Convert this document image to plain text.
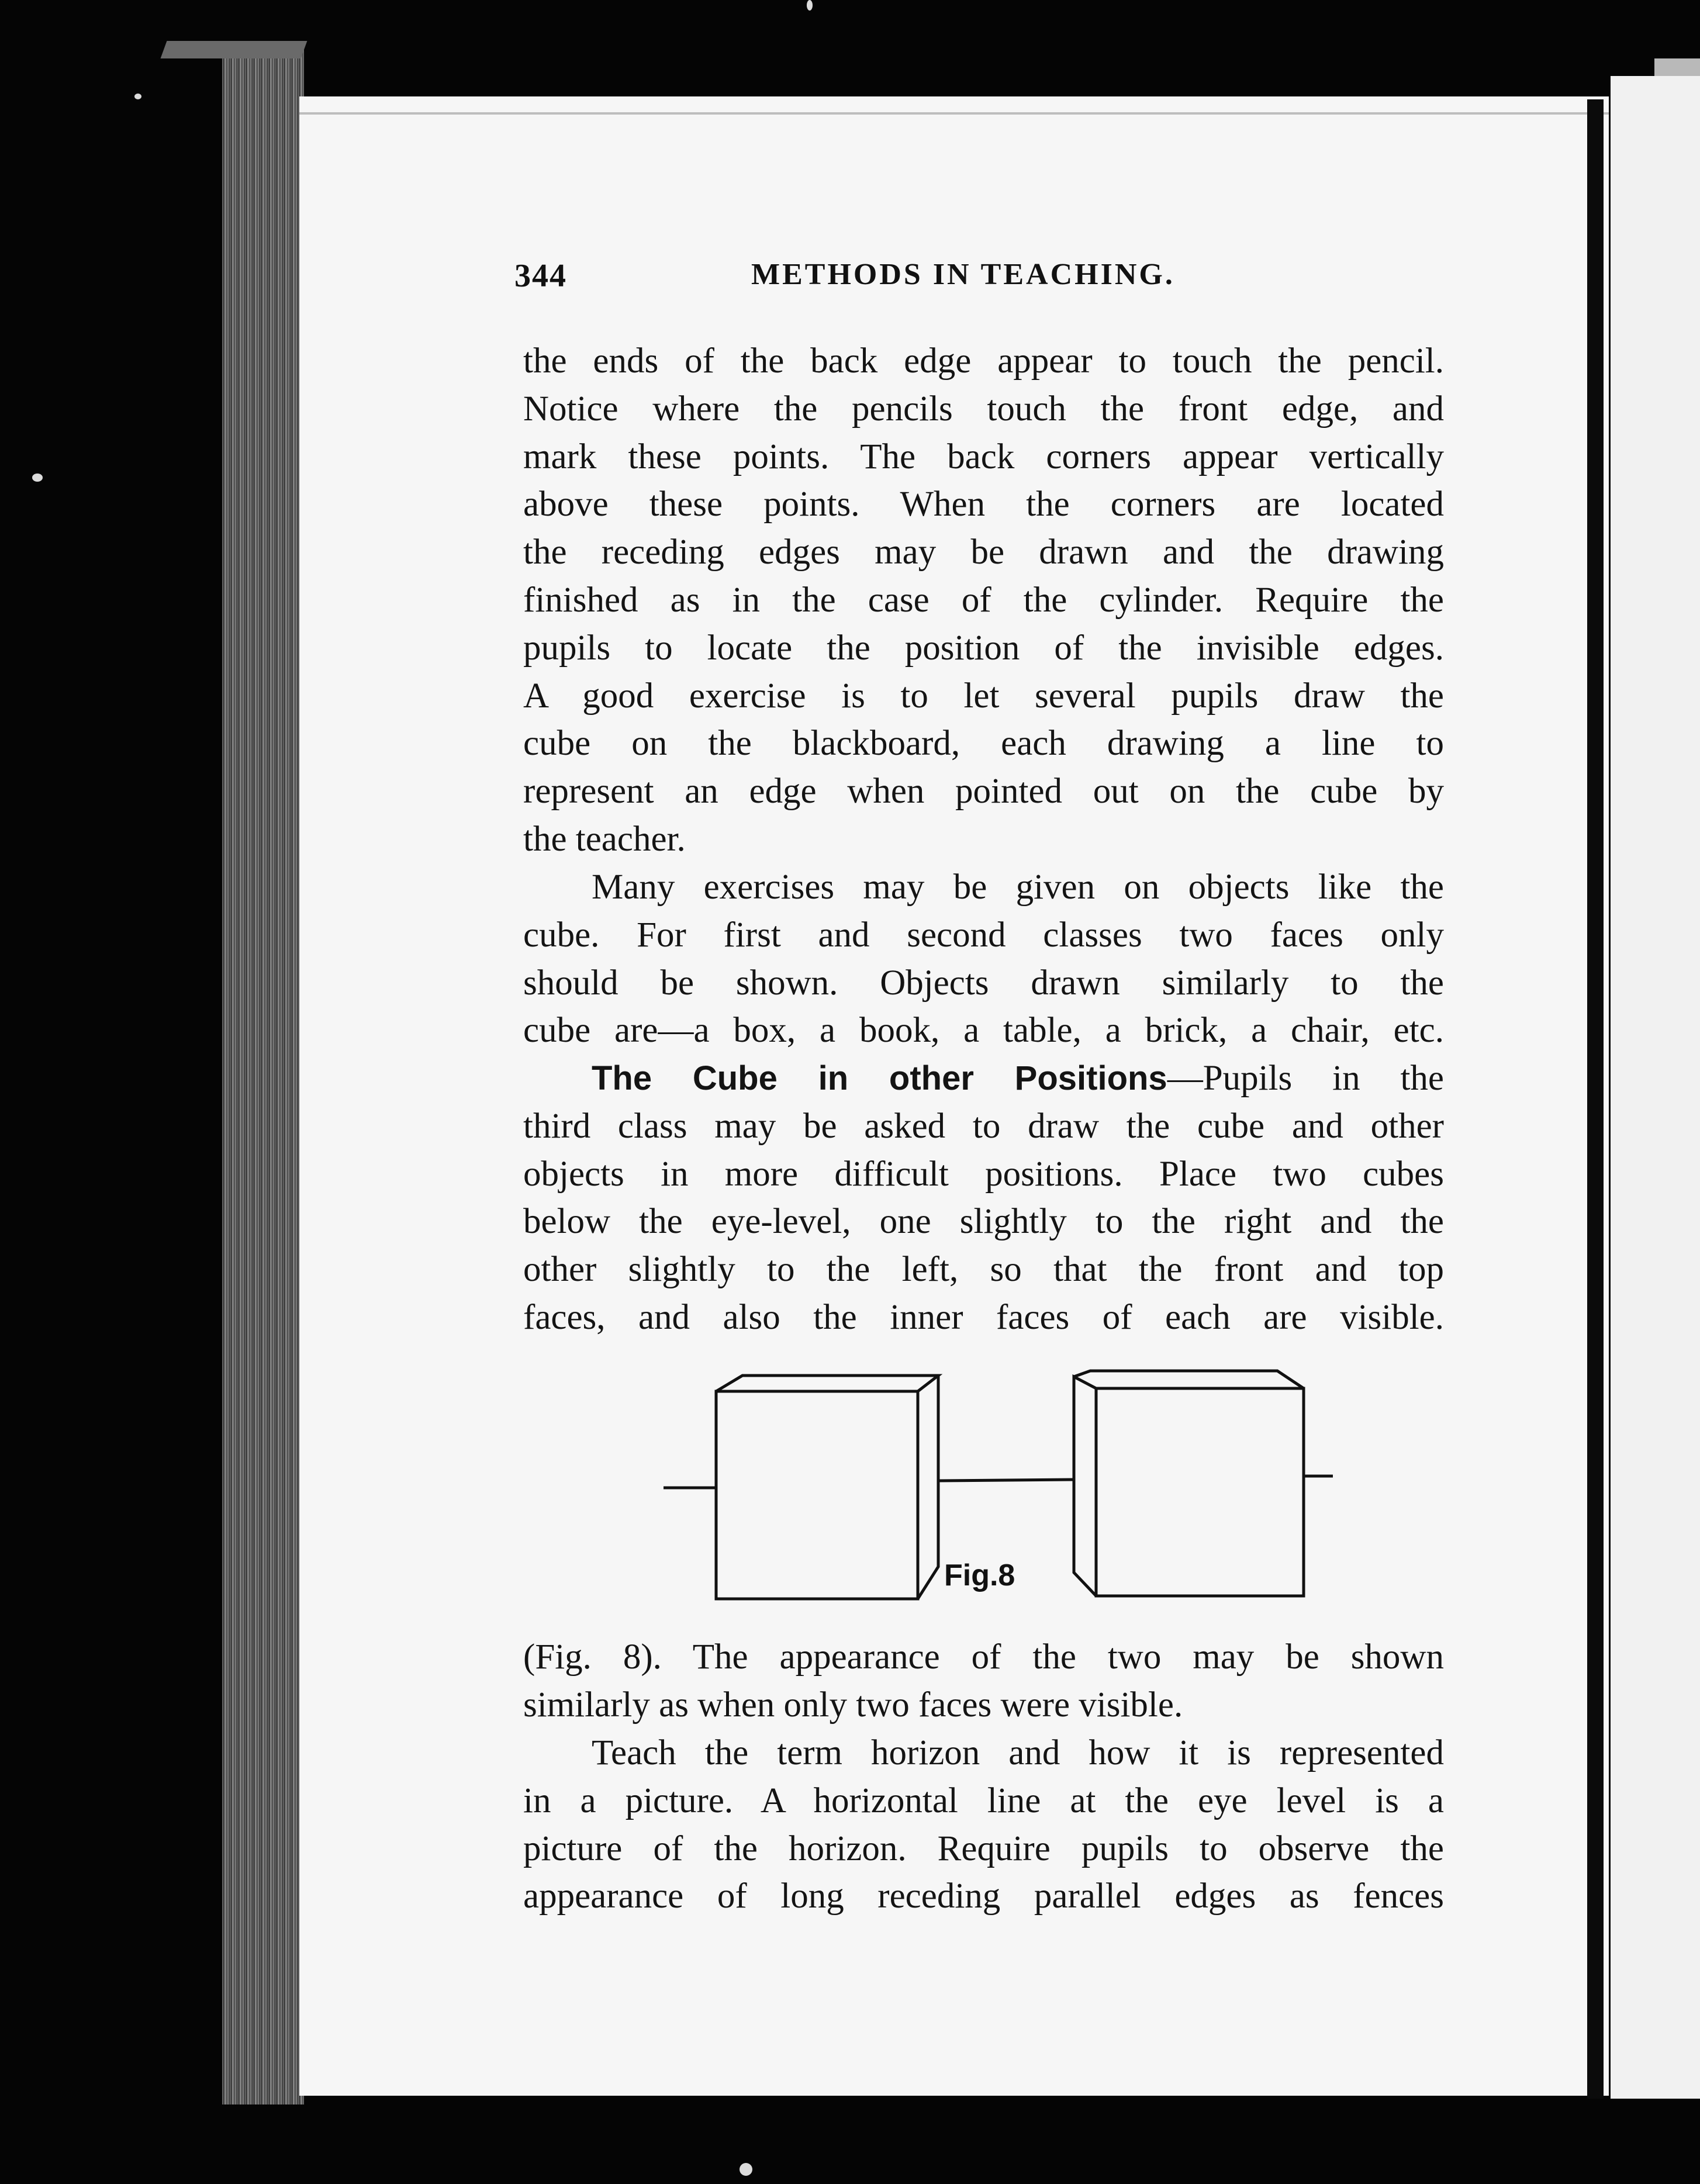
344	METHODS IN TEACHING.
the ends of the back edge appear to touch the pencil.
Notice where the pencils touch the front edge, and
mark these points. The back corners appear vertically
above these points. When the corners are located
the receding edges may be drawn and the drawing
finished as in the case of the cylinder. Require the
pupils to locate the position of the invisible edges.
A good exercise is to let several pupils draw the
cube on the blackboard, each drawing a line to
represent an edge when pointed out on the cube by
the teacher.
Many exercises may be given on objects like the
cube. For first and second classes two faces only
should be shown. Objects drawn similarly to the
cube are—a box, a book, a table, a brick, a chair, etc.
The Cube in other Positions—Pupils in the
third class may be asked to draw the cube and other
objects in more difficult positions. Place two cubes
below the eye-level, one slightly to the right and the
other slightly to the left, so that the front and top
faces, and also the inner faces of each are visible.
Fig.8
(Fig. 8). The appearance of the two may be shown
similarly as when only two faces were visible.
Teach the term horizon and how it is represented
in a picture. A horizontal line at the eye level is a
picture of the horizon. Require pupils to observe the
appearance of long receding parallel edges as fences
